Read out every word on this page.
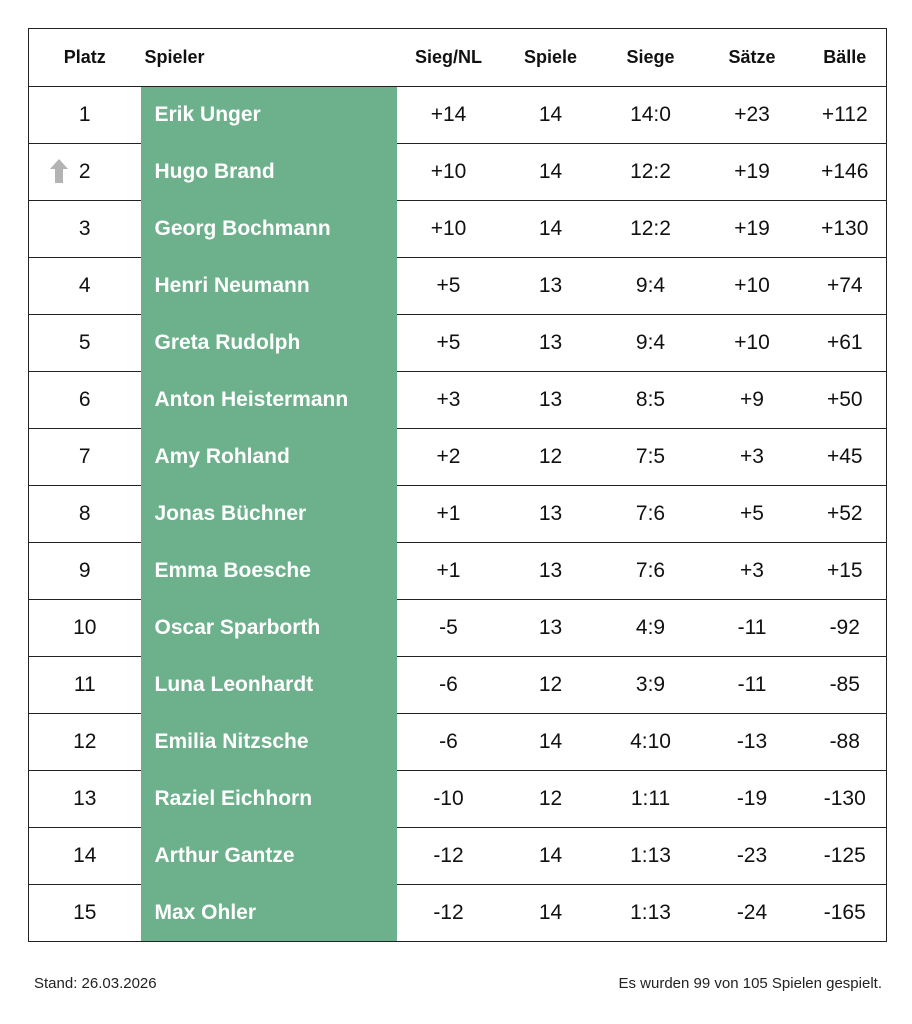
Platz	Spieler	Sieg/NL	Spiele	Siege	Sätze	Bälle
1	Erik Unger	+14	14	14:0	+23	+112

2	Hugo Brand	+10	14	12:2	+19	+146
3	Georg Bochmann	+10	14	12:2	+19	+130
4	Henri Neumann	+5	13	9:4	+10	+74
5	Greta Rudolph	+5	13	9:4	+10	+61
6	Anton Heistermann	+3	13	8:5	+9	+50
7	Amy Rohland	+2	12	7:5	+3	+45
8	Jonas Büchner	+1	13	7:6	+5	+52
9	Emma Boesche	+1	13	7:6	+3	+15
10	Oscar Sparborth	-5	13	4:9	-11	-92
11	Luna Leonhardt	-6	12	3:9	-11	-85
12	Emilia Nitzsche	-6	14	4:10	-13	-88
13	Raziel Eichhorn	-10	12	1:11	-19	-130
14	Arthur Gantze	-12	14	1:13	-23	-125
15	Max Ohler	-12	14	1:13	-24	-165
Stand: 26.03.2026	Es wurden 99 von 105 Spielen gespielt.
